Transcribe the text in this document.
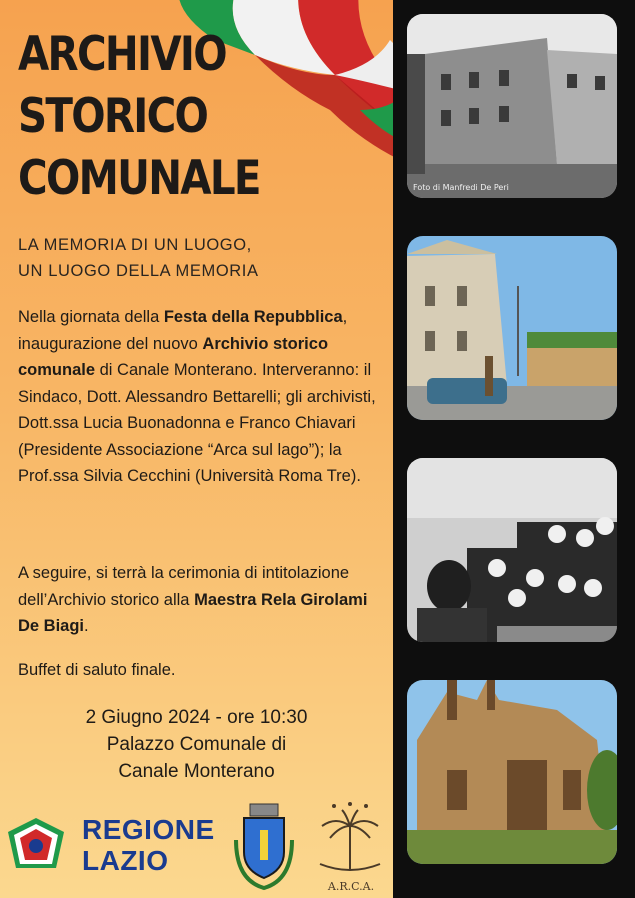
ARCHIVIO
STORICO
COMUNALE
LA MEMORIA DI UN LUOGO,
UN LUOGO DELLA MEMORIA

Nella giornata della Festa della Repubblica, inaugurazione del nuovo Archivio storico comunale di Canale Monterano. Interveranno: il Sindaco, Dott. Alessandro Bettarelli; gli archivisti, Dott.ssa Lucia Buonadonna e Franco Chiavari (Presidente Associazione “Arca sul lago”); la Prof.ssa Silvia Cecchini (Università Roma Tre).

A seguire, si terrà la cerimonia di intitolazione dell’Archivio storico alla Maestra Rela Girolami De Biagi.

Buffet di saluto finale.

2 Giugno 2024 - ore 10:30
Palazzo Comunale di
Canale Monterano
REGIONE
LAZIO
A.R.C.A.
Foto di Manfredi De Peri
